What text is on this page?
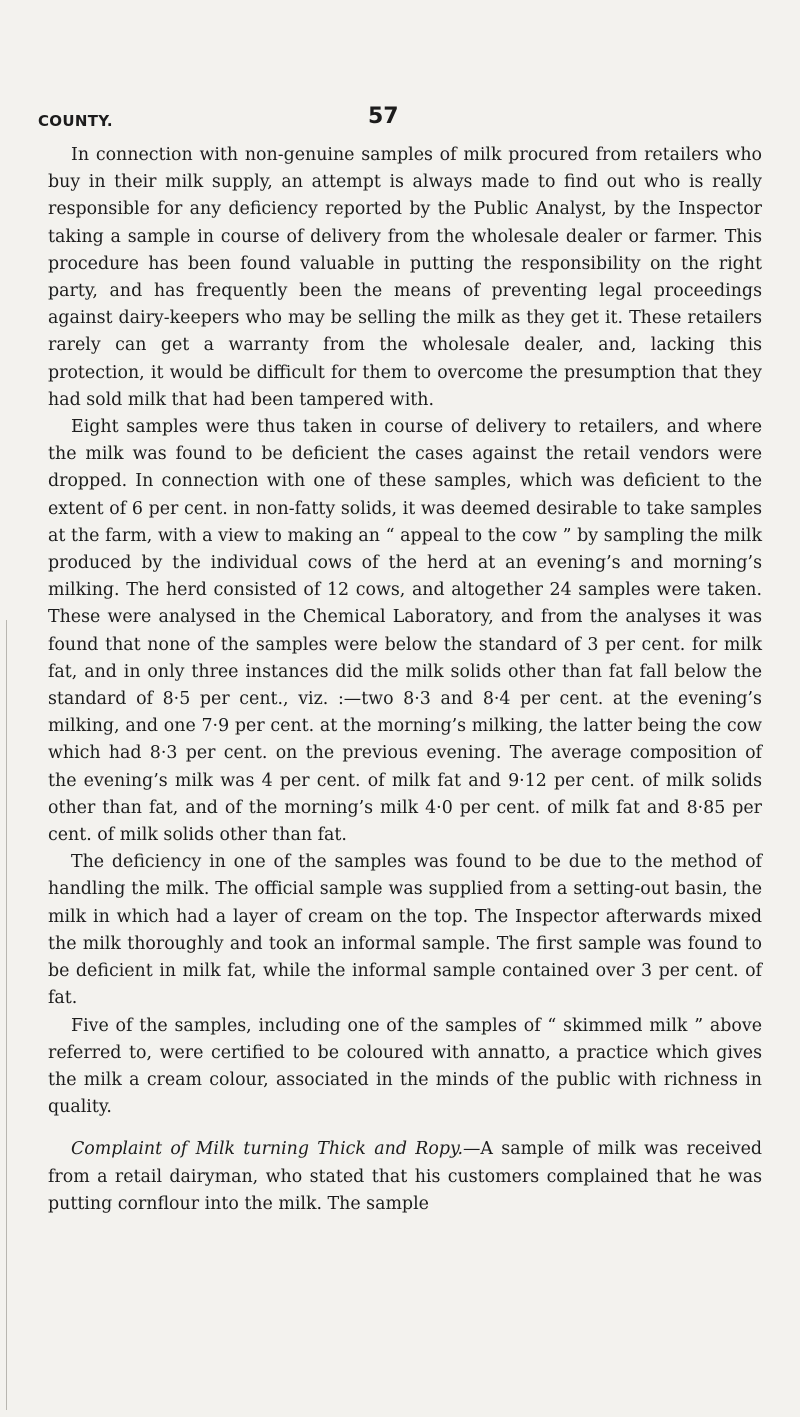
COUNTY.	57

In connection with non-genuine samples of milk procured from retailers who buy in their milk supply, an attempt is always made to find out who is really responsible for any deficiency reported by the Public Analyst, by the Inspector taking a sample in course of delivery from the wholesale dealer or farmer. This procedure has been found valuable in putting the responsibility on the right party, and has frequently been the means of preventing legal proceedings against dairy-keepers who may be selling the milk as they get it. These retailers rarely can get a warranty from the wholesale dealer, and, lacking this protection, it would be difficult for them to overcome the presumption that they had sold milk that had been tampered with.

Eight samples were thus taken in course of delivery to retailers, and where the milk was found to be deficient the cases against the retail vendors were dropped. In connection with one of these samples, which was deficient to the extent of 6 per cent. in non-fatty solids, it was deemed desirable to take samples at the farm, with a view to making an “ appeal to the cow ” by sampling the milk produced by the individual cows of the herd at an evening’s and morning’s milking. The herd consisted of 12 cows, and altogether 24 samples were taken. These were analysed in the Chemical Laboratory, and from the analyses it was found that none of the samples were below the standard of 3 per cent. for milk fat, and in only three instances did the milk solids other than fat fall below the standard of 8·5 per cent., viz. :—two 8·3 and 8·4 per cent. at the evening’s milking, and one 7·9 per cent. at the morning’s milking, the latter being the cow which had 8·3 per cent. on the previous evening. The average composition of the evening’s milk was 4 per cent. of milk fat and 9·12 per cent. of milk solids other than fat, and of the morning’s milk 4·0 per cent. of milk fat and 8·85 per cent. of milk solids other than fat.

The deficiency in one of the samples was found to be due to the method of handling the milk. The official sample was supplied from a setting-out basin, the milk in which had a layer of cream on the top. The Inspector afterwards mixed the milk thoroughly and took an informal sample. The first sample was found to be deficient in milk fat, while the informal sample contained over 3 per cent. of fat.

Five of the samples, including one of the samples of “ skimmed milk ” above referred to, were certified to be coloured with annatto, a practice which gives the milk a cream colour, associated in the minds of the public with richness in quality.

Complaint of Milk turning Thick and Ropy.—A sample of milk was received from a retail dairyman, who stated that his customers complained that he was putting cornflour into the milk. The sample
